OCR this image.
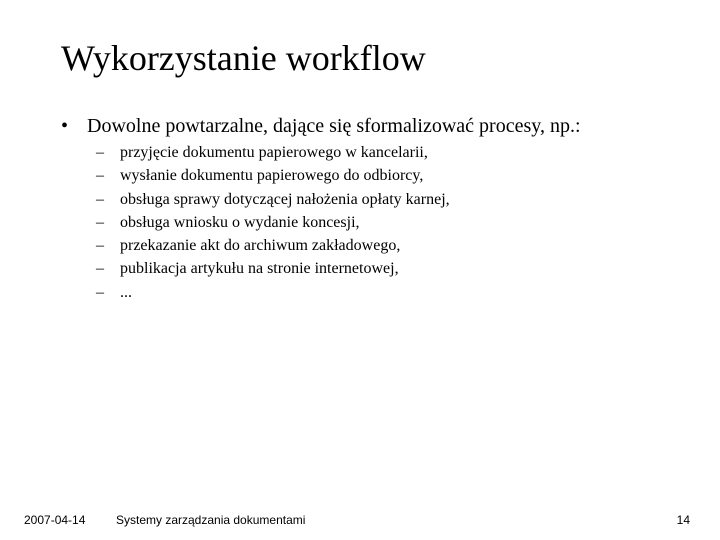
Wykorzystanie workflow
• Dowolne powtarzalne, dające się sformalizować procesy, np.:
– przyjęcie dokumentu papierowego w kancelarii,
– wysłanie dokumentu papierowego do odbiorcy,
– obsługa sprawy dotyczącej nałożenia opłaty karnej,
– obsługa wniosku o wydanie koncesji,
– przekazanie akt do archiwum zakładowego,
– publikacja artykułu na stronie internetowej,
– ...
2007-04-14	Systemy zarządzania dokumentami	14
